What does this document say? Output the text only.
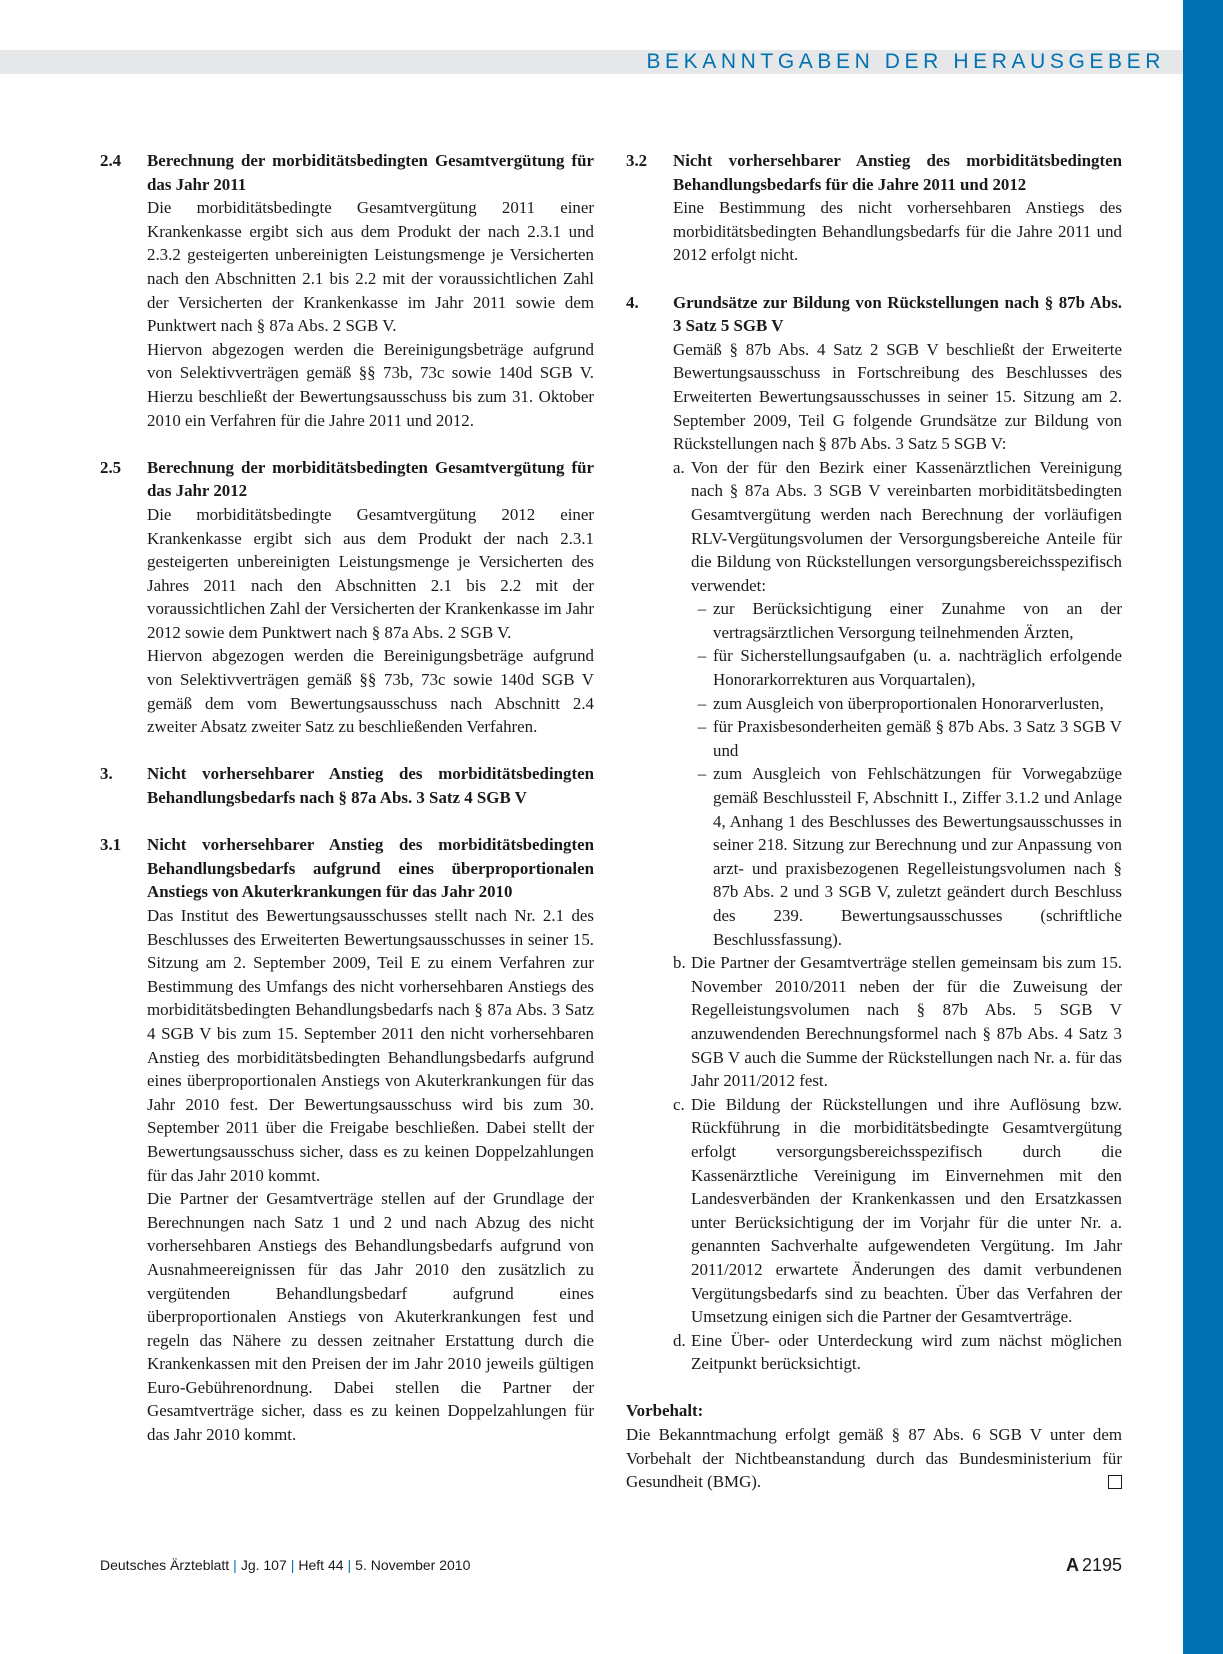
BEKANNTGABEN DER HERAUSGEBER
2.4	Berechnung der morbiditätsbedingten Gesamtvergütung für das Jahr 2011

Die morbiditätsbedingte Gesamtvergütung 2011 einer Krankenkasse ergibt sich aus dem Produkt der nach 2.3.1 und 2.3.2 gesteigerten unbereinigten Leistungsmenge je Versicherten nach den Abschnitten 2.1 bis 2.2 mit der voraussichtlichen Zahl der Versicherten der Krankenkasse im Jahr 2011 sowie dem Punktwert nach § 87a Abs. 2 SGB V.

Hiervon abgezogen werden die Bereinigungsbeträge aufgrund von Selektivverträgen gemäß §§ 73b, 73c sowie 140d SGB V. Hierzu beschließt der Bewertungsausschuss bis zum 31. Oktober 2010 ein Verfahren für die Jahre 2011 und 2012.

2.5	Berechnung der morbiditätsbedingten Gesamtvergütung für das Jahr 2012

Die morbiditätsbedingte Gesamtvergütung 2012 einer Krankenkasse ergibt sich aus dem Produkt der nach 2.3.1 gesteigerten unbereinigten Leistungsmenge je Versicherten des Jahres 2011 nach den Abschnitten 2.1 bis 2.2 mit der voraussichtlichen Zahl der Versicherten der Krankenkasse im Jahr 2012 sowie dem Punktwert nach § 87a Abs. 2 SGB V.

Hiervon abgezogen werden die Bereinigungsbeträge aufgrund von Selektivverträgen gemäß §§ 73b, 73c sowie 140d SGB V gemäß dem vom Bewertungsausschuss nach Abschnitt 2.4 zweiter Absatz zweiter Satz zu beschließenden Verfahren.

3.	Nicht vorhersehbarer Anstieg des morbiditätsbedingten Behandlungsbedarfs nach § 87a Abs. 3 Satz 4 SGB V
3.1	Nicht vorhersehbarer Anstieg des morbiditätsbedingten Behandlungsbedarfs aufgrund eines überproportionalen Anstiegs von Akuterkrankungen für das Jahr 2010

Das Institut des Bewertungsausschusses stellt nach Nr. 2.1 des Beschlusses des Erweiterten Bewertungsausschusses in seiner 15. Sitzung am 2. September 2009, Teil E zu einem Verfahren zur Bestimmung des Umfangs des nicht vorhersehbaren Anstiegs des morbiditätsbedingten Behandlungsbedarfs nach § 87a Abs. 3 Satz 4 SGB V bis zum 15. September 2011 den nicht vorhersehbaren Anstieg des morbiditätsbedingten Behandlungsbedarfs aufgrund eines überproportionalen Anstiegs von Akuterkrankungen für das Jahr 2010 fest. Der Bewertungsausschuss wird bis zum 30. September 2011 über die Freigabe beschließen. Dabei stellt der Bewertungsausschuss sicher, dass es zu keinen Doppelzahlungen für das Jahr 2010 kommt.

Die Partner der Gesamtverträge stellen auf der Grundlage der Berechnungen nach Satz 1 und 2 und nach Abzug des nicht vorhersehbaren Anstiegs des Behandlungsbedarfs aufgrund von Ausnahmeereignissen für das Jahr 2010 den zusätzlich zu vergütenden Behandlungsbedarf aufgrund eines überproportionalen Anstiegs von Akuterkrankungen fest und regeln das Nähere zu dessen zeitnaher Erstattung durch die Krankenkassen mit den Preisen der im Jahr 2010 jeweils gültigen Euro-Gebührenordnung. Dabei stellen die Partner der Gesamtverträge sicher, dass es zu keinen Doppelzahlungen für das Jahr 2010 kommt.

3.2	Nicht vorhersehbarer Anstieg des morbiditätsbedingten Behandlungsbedarfs für die Jahre 2011 und 2012

Eine Bestimmung des nicht vorhersehbaren Anstiegs des morbiditätsbedingten Behandlungsbedarfs für die Jahre 2011 und 2012 erfolgt nicht.

4.	Grundsätze zur Bildung von Rückstellungen nach § 87b Abs. 3 Satz 5 SGB V

Gemäß § 87b Abs. 4 Satz 2 SGB V beschließt der Erweiterte Bewertungsausschuss in Fortschreibung des Beschlusses des Erweiterten Bewertungsausschusses in seiner 15. Sitzung am 2. September 2009, Teil G folgende Grundsätze zur Bildung von Rückstellungen nach § 87b Abs. 3 Satz 5 SGB V:

a. Von der für den Bezirk einer Kassenärztlichen Vereinigung nach § 87a Abs. 3 SGB V vereinbarten morbiditätsbedingten Gesamtvergütung werden nach Berechnung der vorläufigen RLV-Vergütungsvolumen der Versorgungsbereiche Anteile für die Bildung von Rückstellungen versorgungsbereichsspezifisch verwendet:
– zur Berücksichtigung einer Zunahme von an der vertragsärztlichen Versorgung teilnehmenden Ärzten,
– für Sicherstellungsaufgaben (u. a. nachträglich erfolgende Honorarkorrekturen aus Vorquartalen),
– zum Ausgleich von überproportionalen Honorarverlusten,
– für Praxisbesonderheiten gemäß § 87b Abs. 3 Satz 3 SGB V und
– zum Ausgleich von Fehlschätzungen für Vorwegabzüge gemäß Beschlussteil F, Abschnitt I., Ziffer 3.1.2 und Anlage 4, Anhang 1 des Beschlusses des Bewertungsausschusses in seiner 218. Sitzung zur Berechnung und zur Anpassung von arzt- und praxisbezogenen Regelleistungsvolumen nach § 87b Abs. 2 und 3 SGB V, zuletzt geändert durch Beschluss des 239. Bewertungsausschusses (schriftliche Beschlussfassung).
b. Die Partner der Gesamtverträge stellen gemeinsam bis zum 15. November 2010/2011 neben der für die Zuweisung der Regelleistungsvolumen nach § 87b Abs. 5 SGB V anzuwendenden Berechnungsformel nach § 87b Abs. 4 Satz 3 SGB V auch die Summe der Rückstellungen nach Nr. a. für das Jahr 2011/2012 fest.
c. Die Bildung der Rückstellungen und ihre Auflösung bzw. Rückführung in die morbiditätsbedingte Gesamtvergütung erfolgt versorgungsbereichsspezifisch durch die Kassenärztliche Vereinigung im Einvernehmen mit den Landesverbänden der Krankenkassen und den Ersatzkassen unter Berücksichtigung der im Vorjahr für die unter Nr. a. genannten Sachverhalte aufgewendeten Vergütung. Im Jahr 2011/2012 erwartete Änderungen des damit verbundenen Vergütungsbedarfs sind zu beachten. Über das Verfahren der Umsetzung einigen sich die Partner der Gesamtverträge.
d. Eine Über- oder Unterdeckung wird zum nächst möglichen Zeitpunkt berücksichtigt.
Vorbehalt:

Die Bekanntmachung erfolgt gemäß § 87 Abs. 6 SGB V unter dem Vorbehalt der Nichtbeanstandung durch das Bundesministerium für Gesundheit (BMG).

Deutsches Ärzteblatt | Jg. 107 | Heft 44 | 5. November 2010	A 2195
